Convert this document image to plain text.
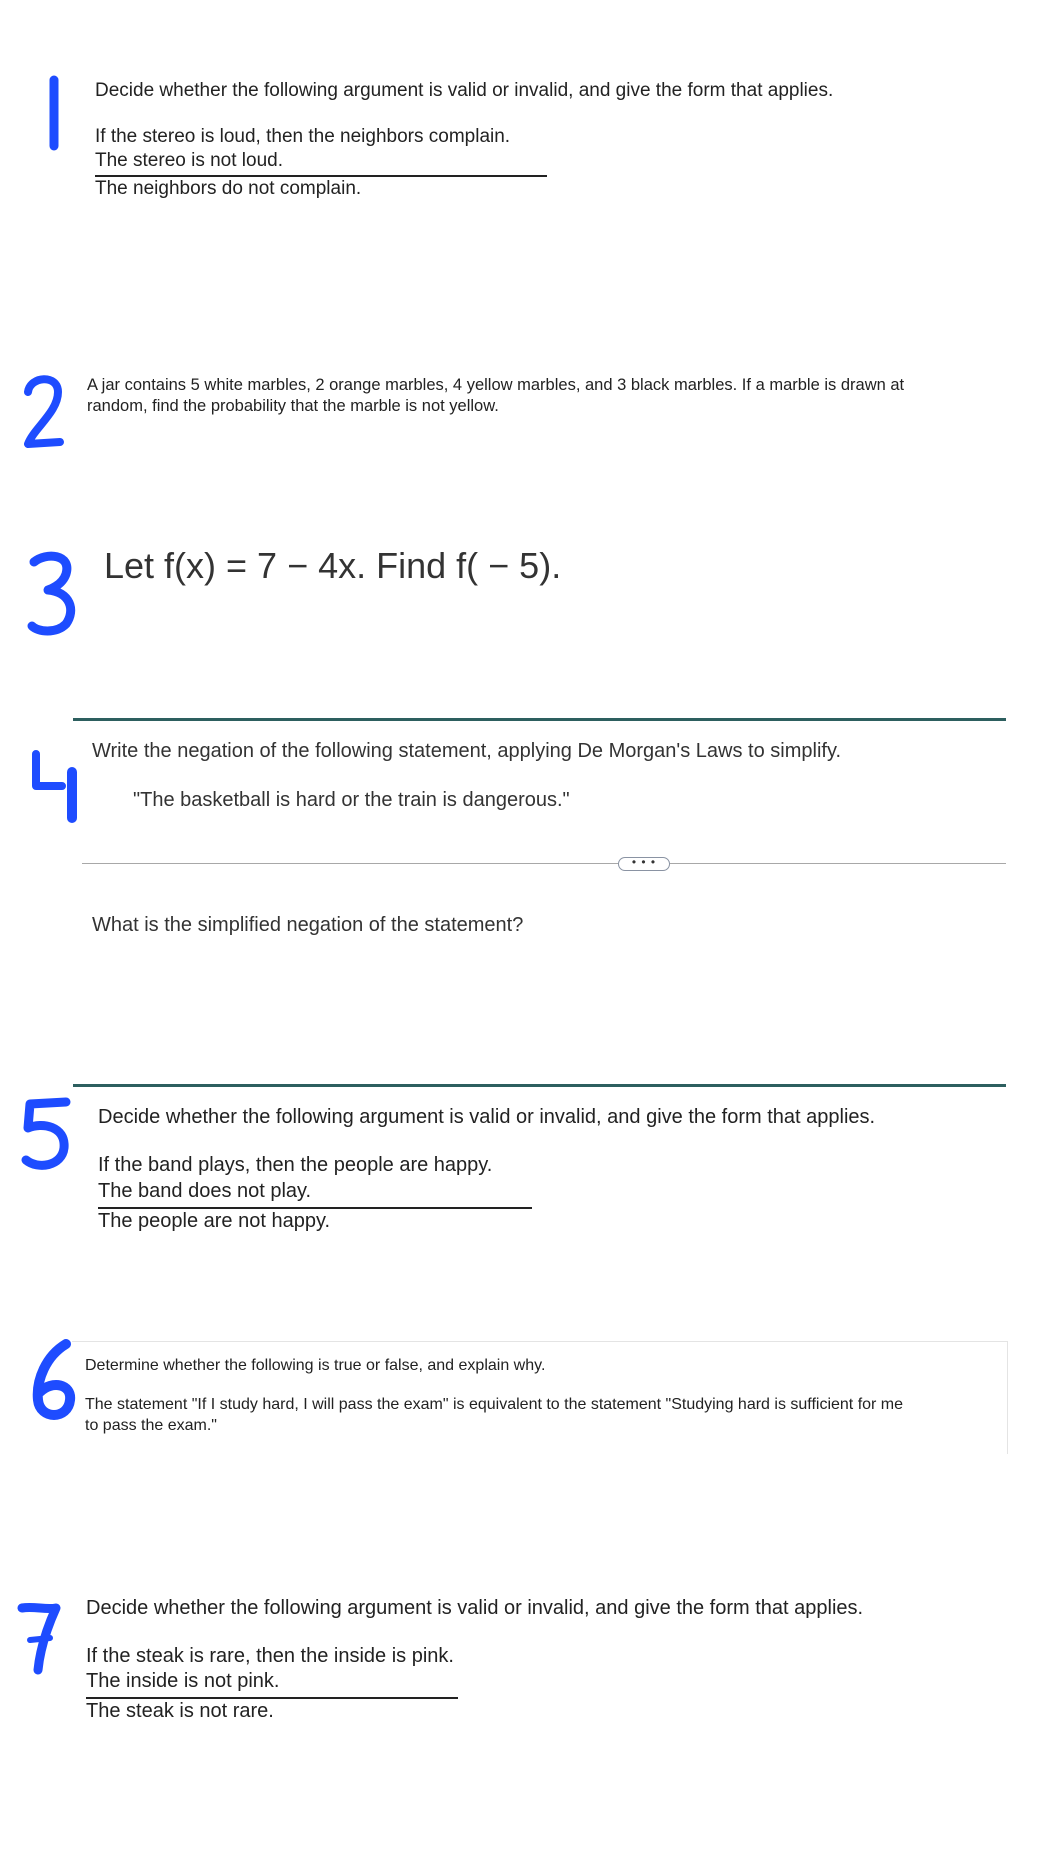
1
Decide whether the following argument is valid or invalid, and give the form that applies.
If the stereo is loud, then the neighbors complain.
The stereo is not loud.
The neighbors do not complain.
2
A jar contains 5 white marbles, 2 orange marbles, 4 yellow marbles, and 3 black marbles. If a marble is drawn at
random, find the probability that the marble is not yellow.
3 Let f(x) = 7 − 4x. Find f( − 5).
4	Write the negation of the following statement, applying De Morgan's Laws to simplify.
"The basketball is hard or the train is dangerous."
• • •
What is the simplified negation of the statement?
5
Decide whether the following argument is valid or invalid, and give the form that applies.
If the band plays, then the people are happy.
The band does not play.
The people are not happy.
6
Determine whether the following is true or false, and explain why.
The statement "If I study hard, I will pass the exam" is equivalent to the statement "Studying hard is sufficient for me
to pass the exam."
7	Decide whether the following argument is valid or invalid, and give the form that applies.
If the steak is rare, then the inside is pink.
The inside is not pink.
The steak is not rare.
